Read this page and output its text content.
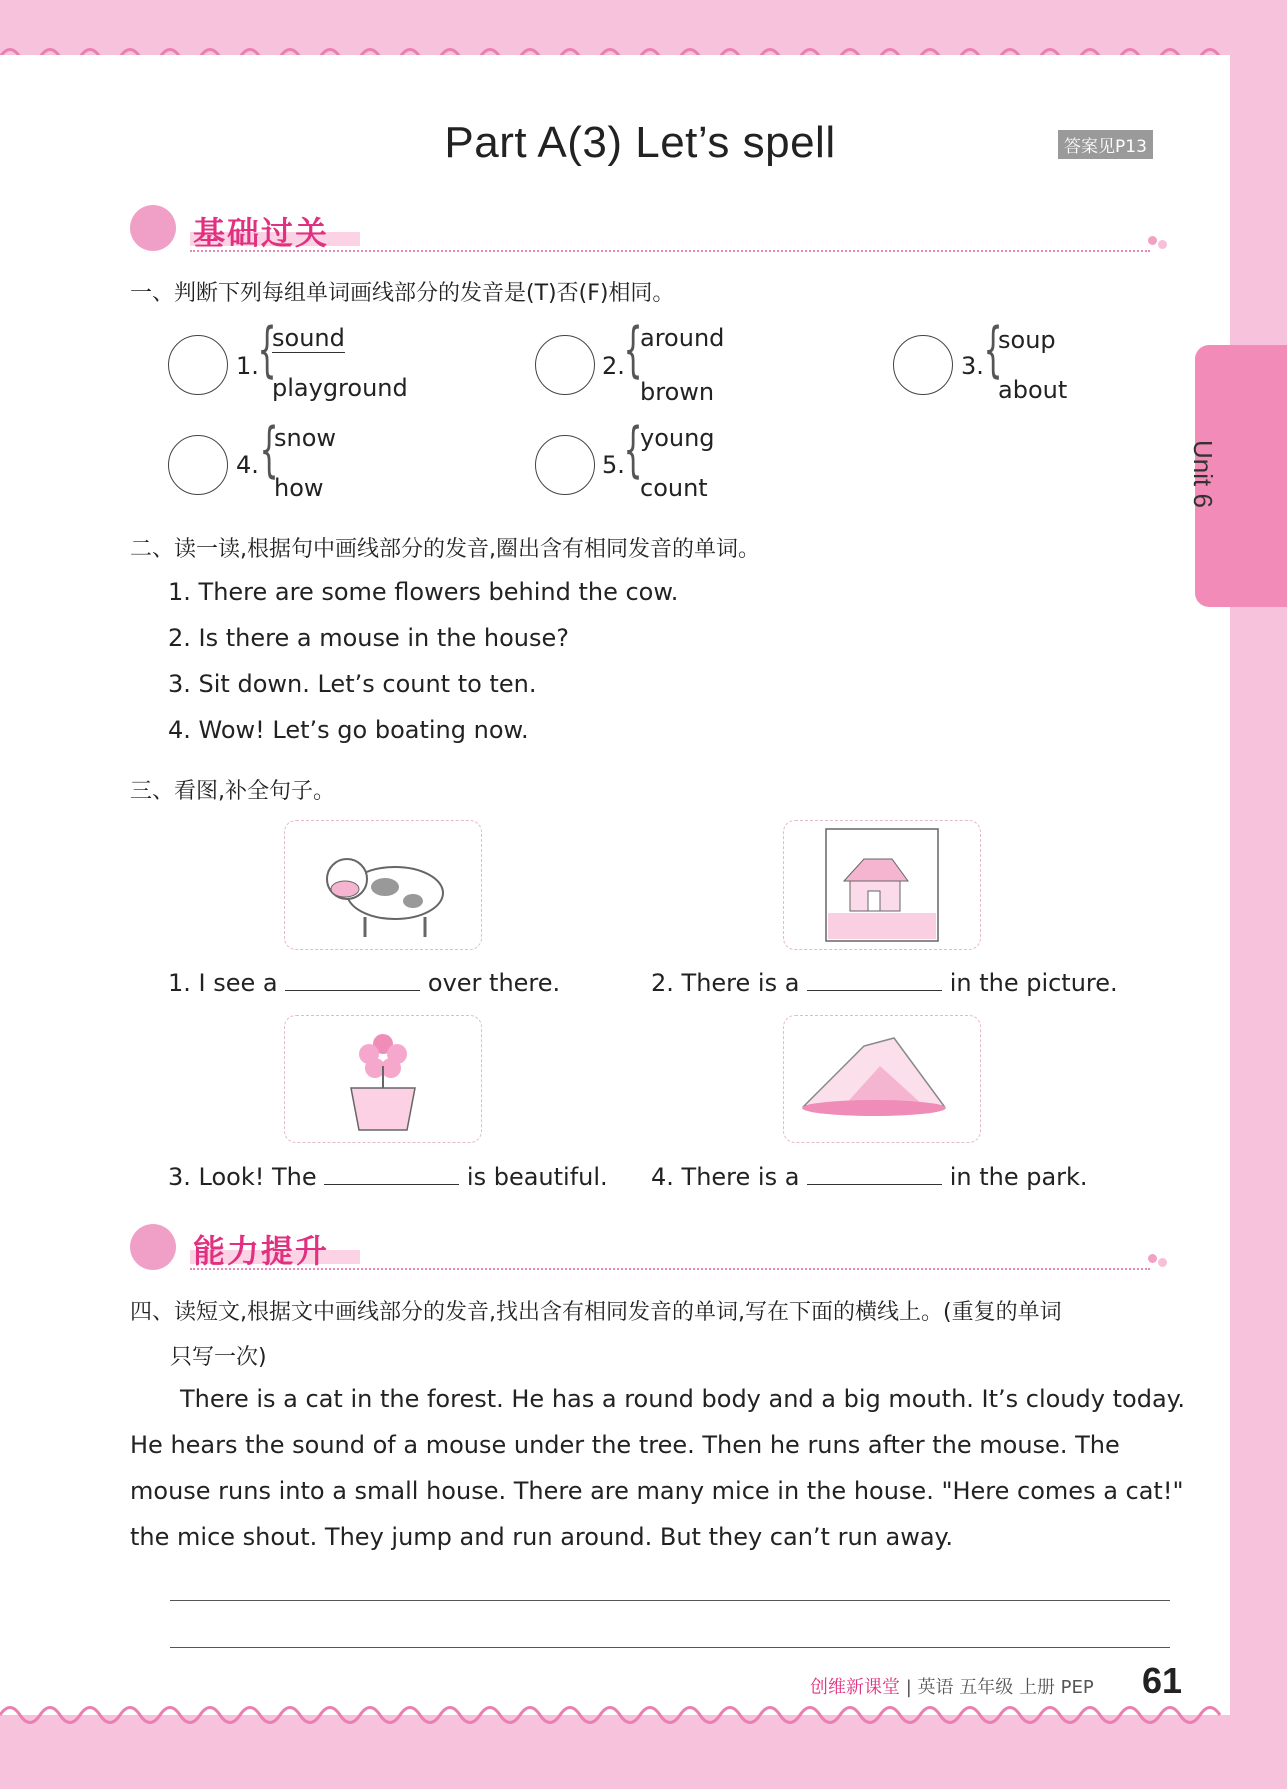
Unit 6
Part A(3) Let’s spell	答案见P13
基础过关
一、判断下列每组单词画线部分的发音是(T)否(F)相同。
1.
{
sound
playground
2.
{
around
brown
3. {
soup
about
4. {
snow
how
5.
{
young
count
二、读一读,根据句中画线部分的发音,圈出含有相同发音的单词。
1. There are some flowers behind the cow.
2. Is there a mouse in the house?
3. Sit down. Let’s count to ten.
4. Wow! Let’s go boating now.
三、看图,补全句子。
1. I see a	over there.	2. There is a	in the picture.
3. Look! The	is beautiful. 4. There is a	in the park.
能力提升
四、读短文,根据文中画线部分的发音,找出含有相同发音的单词,写在下面的横线上。(重复的单词
只写一次)
There is a cat in the forest. He has a round body and a big mouth. It’s cloudy today.
He hears the sound of a mouse under the tree. Then he runs after the mouse. The
mouse runs into a small house. There are many mice in the house. "Here comes a cat!"
the mice shout. They jump and run around. But they can’t run away.
创维新课堂 | 英语 五年级 上册 PEP 61
